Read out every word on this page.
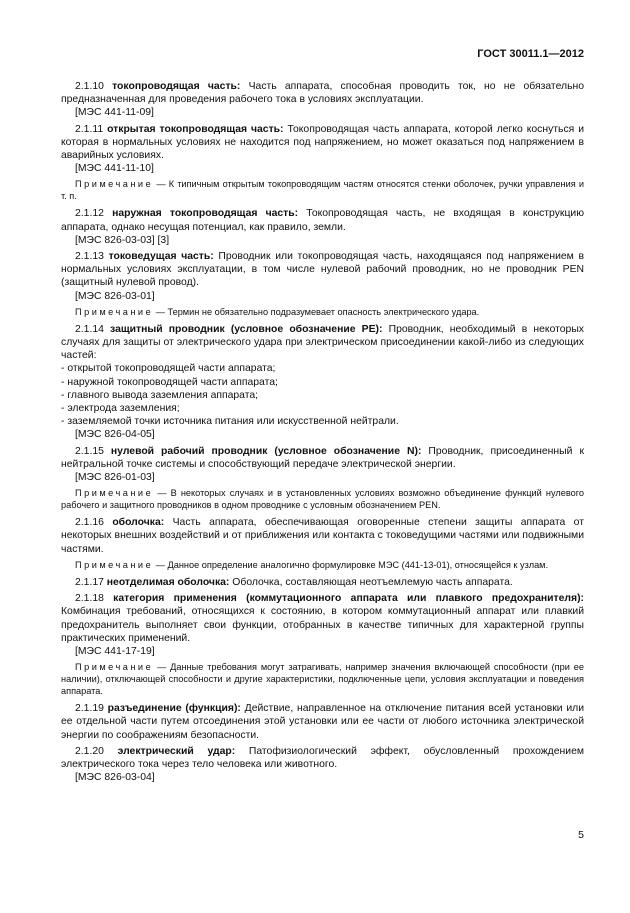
ГОСТ 30011.1—2012

2.1.10 токопроводящая часть: Часть аппарата, способная проводить ток, но не обязательно предназначенная для проведения рабочего тока в условиях эксплуатации.

[МЭС 441-11-09]

2.1.11 открытая токопроводящая часть: Токопроводящая часть аппарата, которой легко коснуться и которая в нормальных условиях не находится под напряжением, но может оказаться под напряжением в аварийных условиях.

[МЭС 441-11-10]

Примечание — К типичным открытым токопроводящим частям относятся стенки оболочек, ручки управления и т. п.

2.1.12 наружная токопроводящая часть: Токопроводящая часть, не входящая в конструкцию аппарата, однако несущая потенциал, как правило, земли.

[МЭС 826-03-03] [3]

2.1.13 токоведущая часть: Проводник или токопроводящая часть, находящаяся под напряжением в нормальных условиях эксплуатации, в том числе нулевой рабочий проводник, но не проводник PEN (защитный нулевой провод).

[МЭС 826-03-01]

Примечание — Термин не обязательно подразумевает опасность электрического удара.

2.1.14 защитный проводник (условное обозначение PE): Проводник, необходимый в некоторых случаях для защиты от электрического удара при электрическом присоединении какой-либо из следующих частей:

- открытой токопроводящей части аппарата;

- наружной токопроводящей части аппарата;

- главного вывода заземления аппарата;

- электрода заземления;

- заземляемой точки источника питания или искусственной нейтрали.

[МЭС 826-04-05]

2.1.15 нулевой рабочий проводник (условное обозначение N): Проводник, присоединенный к нейтральной точке системы и способствующий передаче электрической энергии.

[МЭС 826-01-03]

Примечание — В некоторых случаях и в установленных условиях возможно объединение функций нулевого рабочего и защитного проводников в одном проводнике с условным обозначением PEN.

2.1.16 оболочка: Часть аппарата, обеспечивающая оговоренные степени защиты аппарата от некоторых внешних воздействий и от приближения или контакта с токоведущими частями или подвижными частями.

Примечание — Данное определение аналогично формулировке МЭС (441-13-01), относящейся к узлам.

2.1.17 неотделимая оболочка: Оболочка, составляющая неотъемлемую часть аппарата.

2.1.18 категория применения (коммутационного аппарата или плавкого предохранителя): Комбинация требований, относящихся к состоянию, в котором коммутационный аппарат или плавкий предохранитель выполняет свои функции, отобранных в качестве типичных для характерной группы практических применений.

[МЭС 441-17-19]

Примечание — Данные требования могут затрагивать, например значения включающей способности (при ее наличии), отключающей способности и другие характеристики, подключенные цепи, условия эксплуатации и поведения аппарата.

2.1.19 разъединение (функция): Действие, направленное на отключение питания всей установки или ее отдельной части путем отсоединения этой установки или ее части от любого источника электрической энергии по соображениям безопасности.

2.1.20 электрический удар: Патофизиологический эффект, обусловленный прохождением электрического тока через тело человека или животного.

[МЭС 826-03-04]

5
